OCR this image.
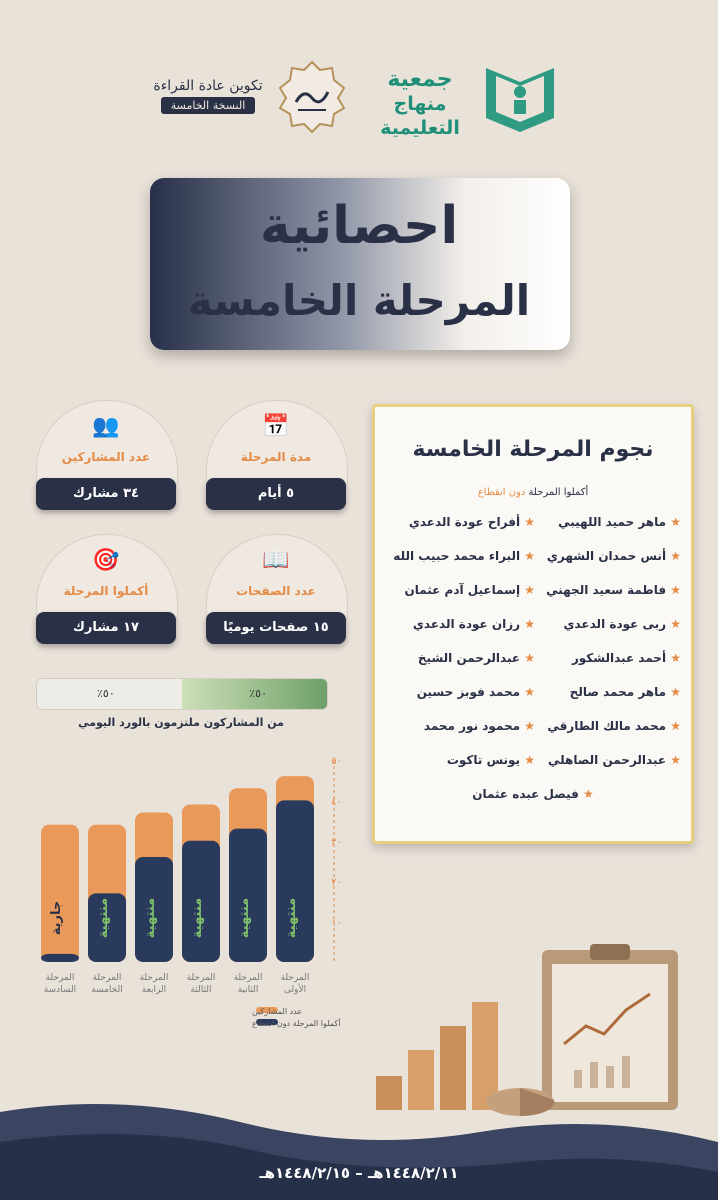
جمعية
منهاج التعليمية
تكوين عادة القراءة
النسخة الخامسة
احصائية
المرحلة الخامسة
📅
مدة المرحلة
٥ أيام
👥
عدد المشاركين
٣٤ مشارك
📖
عدد الصفحات
١٥ صفحات يوميًا
🎯
أكملوا المرحلة
١٧ مشارك
٥٠٪
٥٠٪
من المشاركون ملتزمون بالورد اليومي
نجوم المرحلة الخامسة
أكملوا المرحلة دون انقطاع
★ ماهر حميد اللهيبي
★ أفراح عودة الدعدي
★ أنس حمدان الشهري
★ البراء محمد حبيب الله
★ فاطمة سعيد الجهني
★ إسماعيل آدم عثمان
★ ربى عودة الدعدي
★ رزان عودة الدعدي
★ أحمد عبدالشكور
★ عبدالرحمن الشيخ
★ ماهر محمد صالح
★ محمد فوبز حسين
★ محمد مالك الطارقي
★ محمود نور محمد
★ عبدالرحمن الصاهلي
★ يونس تاكوت
★ فيصل عبده عثمان
٥٠
٤٠
٣٠
٢٠
١٠
منتهية
المرحلة
الأولى
منتهية
المرحلة
الثانية
منتهية
المرحلة
الثالثة
منتهية
المرحلة
الرابعة
منتهية
المرحلة
الخامسة
جارية
المرحلة
السادسة
عدد المشاركين
أكملوا المرحلة دون انقطاع
١٤٤٨/٢/١١هـ – ١٤٤٨/٢/١٥هـ
